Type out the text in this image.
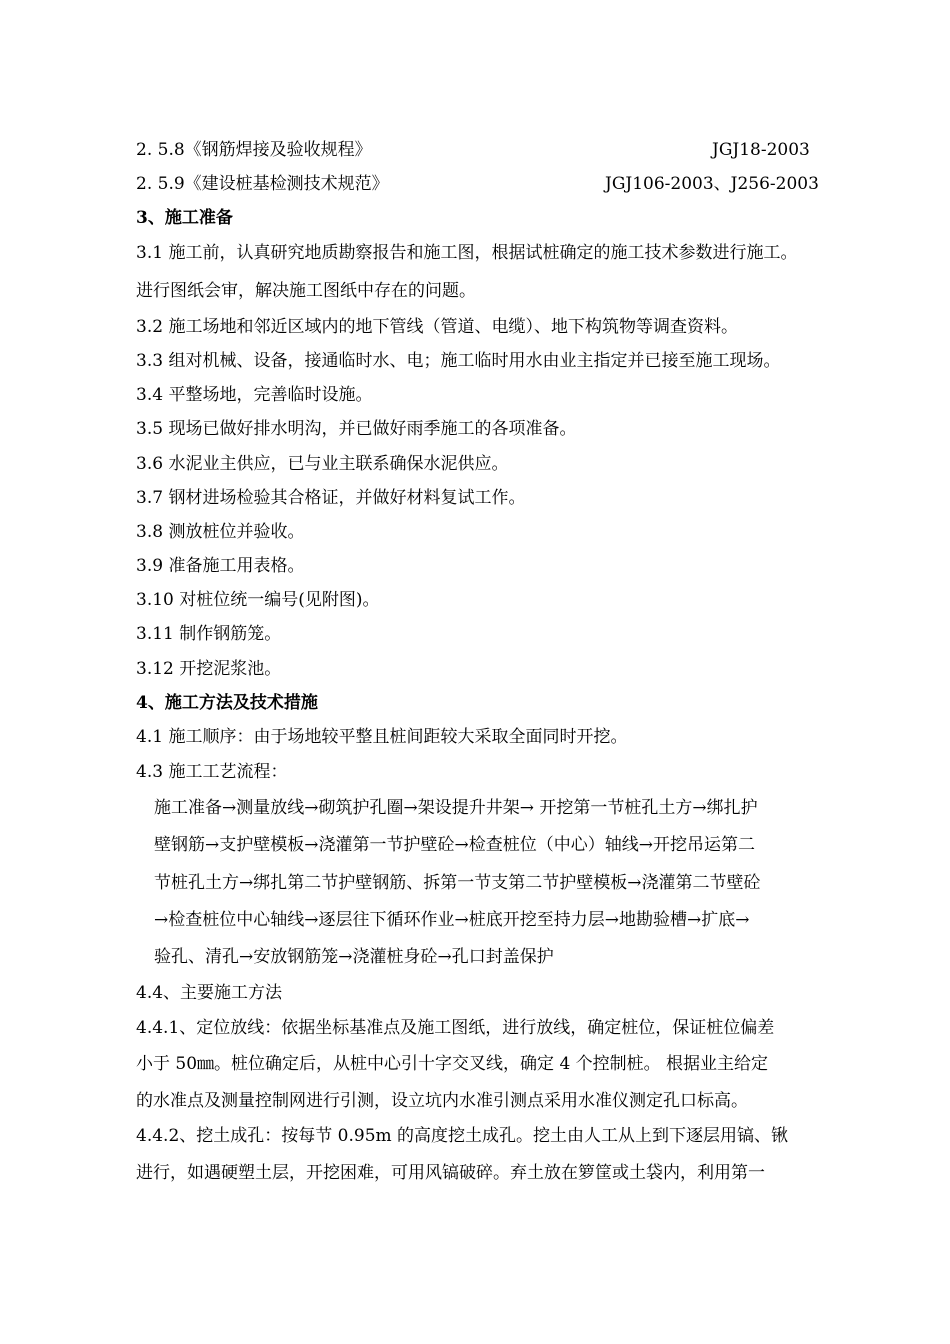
2. 5.8《钢筋焊接及验收规程》	JGJ18-2003
2. 5.9《建设桩基检测技术规范》	JGJ106-2003、J256-2003
3、施工准备
3.1 施工前，认真研究地质勘察报告和施工图，根据试桩确定的施工技术参数进行施工。
进行图纸会审，解决施工图纸中存在的问题。
3.2 施工场地和邻近区域内的地下管线（管道、电缆）、地下构筑物等调查资料。
3.3 组对机械、设备，接通临时水、电；施工临时用水由业主指定并已接至施工现场。
3.4 平整场地，完善临时设施。
3.5 现场已做好排水明沟，并已做好雨季施工的各项准备。
3.6 水泥业主供应，已与业主联系确保水泥供应。
3.7 钢材进场检验其合格证，并做好材料复试工作。
3.8 测放桩位并验收。
3.9 准备施工用表格。
3.10 对桩位统一编号(见附图)。
3.11 制作钢筋笼。
3.12 开挖泥浆池。
4、施工方法及技术措施
4.1 施工顺序：由于场地较平整且桩间距较大采取全面同时开挖。
4.3 施工工艺流程：
施工准备→测量放线→砌筑护孔圈→架设提升井架→ 开挖第一节桩孔土方→绑扎护
壁钢筋→支护壁模板→浇灌第一节护壁砼→检查桩位（中心）轴线→开挖吊运第二
节桩孔土方→绑扎第二节护壁钢筋、拆第一节支第二节护壁模板→浇灌第二节壁砼
→检查桩位中心轴线→逐层往下循环作业→桩底开挖至持力层→地勘验槽→扩底→
验孔、清孔→安放钢筋笼→浇灌桩身砼→孔口封盖保护
4.4、主要施工方法
4.4.1、定位放线：依据坐标基准点及施工图纸，进行放线，确定桩位，保证桩位偏差
小于 50㎜。桩位确定后，从桩中心引十字交叉线，确定 4 个控制桩。 根据业主给定
的水准点及测量控制网进行引测，设立坑内水准引测点采用水准仪测定孔口标高。
4.4.2、挖土成孔：按每节 0.95m 的高度挖土成孔。挖土由人工从上到下逐层用镐、锹
进行，如遇硬塑土层，开挖困难，可用风镐破碎。弃土放在箩筐或土袋内，利用第一
